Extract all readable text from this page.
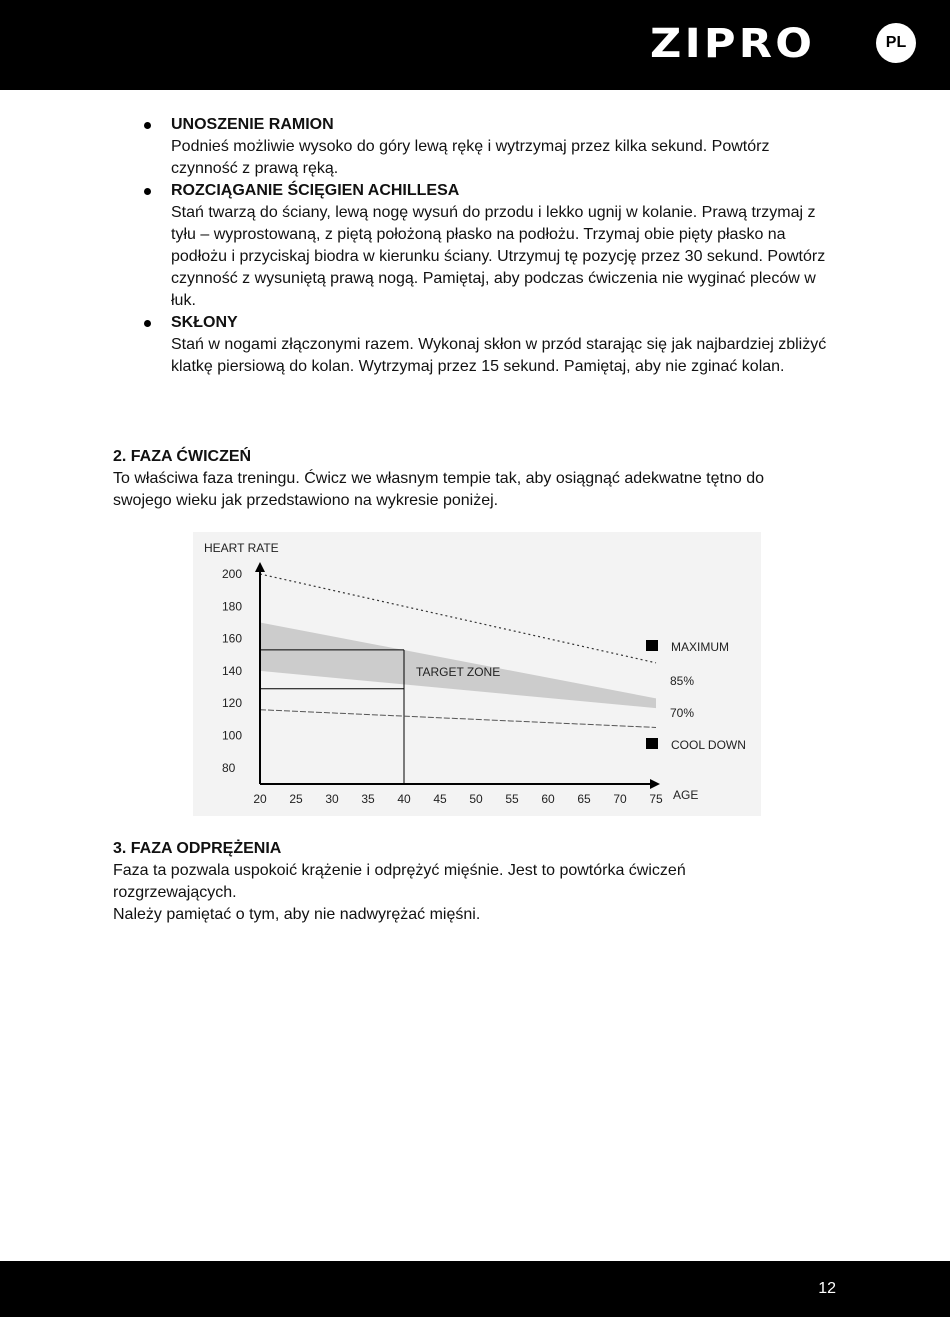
ZIPRO	PL
UNOSZENIE RAMION
Podnieś możliwie wysoko do góry lewą rękę i wytrzymaj przez kilka sekund. Powtórz czynność z prawą ręką.
ROZCIĄGANIE ŚCIĘGIEN ACHILLESA
Stań twarzą do ściany, lewą nogę wysuń do przodu i lekko ugnij w kolanie. Prawą trzymaj z tyłu – wyprostowaną, z piętą położoną płasko na podłożu. Trzymaj obie pięty płasko na podłożu i przyciskaj biodra w kierunku ściany. Utrzymuj tę pozycję przez 30 sekund. Powtórz czynność z wysuniętą prawą nogą. Pamiętaj, aby podczas ćwiczenia nie wyginać pleców w łuk.
SKŁONY
Stań w nogami złączonymi razem. Wykonaj skłon w przód starając się jak najbardziej zbliżyć klatkę piersiową do kolan. Wytrzymaj przez 15 sekund. Pamiętaj, aby nie zginać kolan.
2. FAZA ĆWICZEŃ
To właściwa faza treningu. Ćwicz we własnym tempie tak, aby osiągnąć adekwatne tętno do swojego wieku jak przedstawiono na wykresie poniżej.
HEART RATE
AGE
200
180
160
140
120
100
80
20 25 30 35 40 45 50 55 60 65 70 75
TARGET ZONE
MAXIMUM
85%
70%
COOL DOWN
3. FAZA ODPRĘŻENIA
Faza ta pozwala uspokoić krążenie i odprężyć mięśnie. Jest to powtórka ćwiczeń rozgrzewających.
Należy pamiętać o tym, aby nie nadwyrężać mięśni.
12
